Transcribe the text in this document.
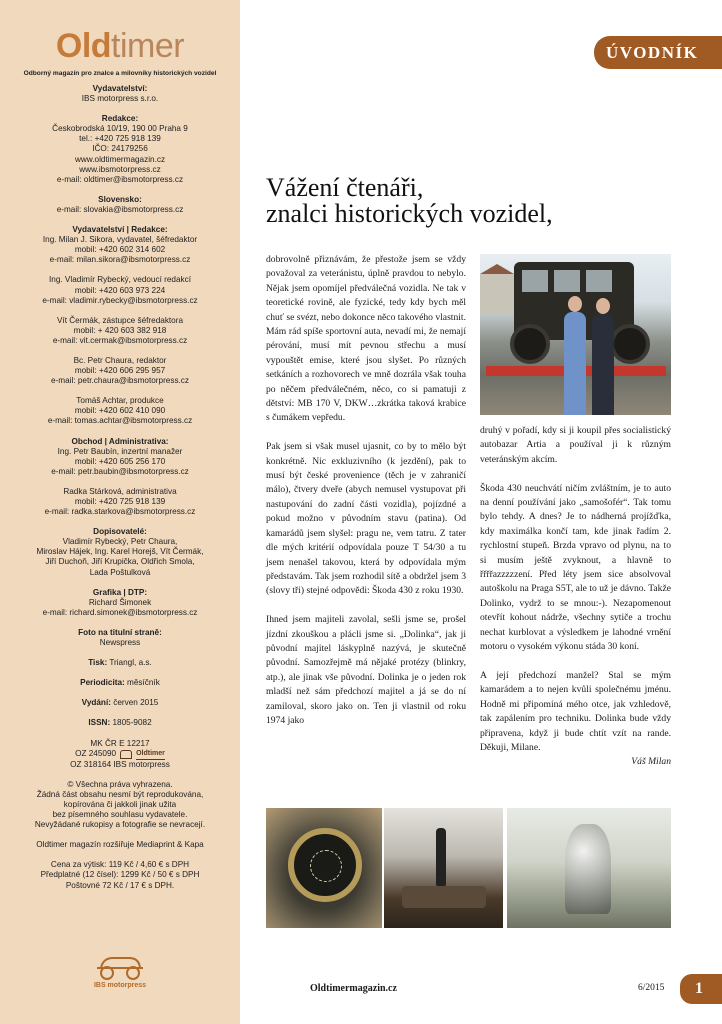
Oldtimer
Odborný magazín pro znalce a milovníky historických vozidel
Vydavatelství:
IBS motorpress s.r.o.
Redakce:
Českobrodská 10/19, 190 00 Praha 9
tel.: +420 725 918 139
IČO: 24179256
www.oldtimermagazin.cz
www.ibsmotorpress.cz
e-mail: oldtimer@ibsmotorpress.cz
Slovensko:
e-mail: slovakia@ibsmotorpress.cz
Vydavatelství | Redakce:
Ing. Milan J. Sikora, vydavatel, šéfredaktor
mobil: +420 602 314 602
e-mail: milan.sikora@ibsmotorpress.cz
Ing. Vladimír Rybecký, vedoucí redakcí
mobil: +420 603 973 224
e-mail: vladimir.rybecky@ibsmotorpress.cz
Vít Čermák, zástupce šéfredaktora
mobil: + 420 603 382 918
e-mail: vit.cermak@ibsmotorpress.cz
Bc. Petr Chaura, redaktor
mobil: +420 606 295 957
e-mail: petr.chaura@ibsmotorpress.cz
Tomáš Achtar, produkce
mobil: +420 602 410 090
e-mail: tomas.achtar@ibsmotorpress.cz
Obchod | Administrativa:
Ing. Petr Baubín, inzertní manažer
mobil: +420 605 256 170
e-mail: petr.baubin@ibsmotorpress.cz
Radka Stárková, administrativa
mobil: +420 725 918 139
e-mail: radka.starkova@ibsmotorpress.cz
Dopisovatelé:
Vladimír Rybecký, Petr Chaura,
Miroslav Hájek, Ing. Karel Horejš, Vít Čermák,
Jiří Duchoň, Jiří Krupička, Oldřich Smola,
Lada Poštulková
Grafika | DTP:
Richard Šimonek
e-mail: richard.simonek@ibsmotorpress.cz
Foto na titulní straně:
Newspress
Tisk: Triangl, a.s.
Periodicita: měsíčník
Vydání: červen 2015
ISSN: 1805-9082
MK ČR E 12217
OZ 245090	Oldtimer
OZ 318164 IBS motorpress
© Všechna práva vyhrazena.
Žádná část obsahu nesmí být reprodukována,
kopírována či jakkoli jinak užita
bez písemného souhlasu vydavatele.
Nevyžádané rukopisy a fotografie se nevracejí.
Oldtimer magazín rozšiřuje Mediaprint & Kapa
Cena za výtisk: 119 Kč / 4,60 € s DPH
Předplatné (12 čísel): 1299 Kč / 50 € s DPH
Poštovné 72 Kč / 17 € s DPH.
IBS motorpress
ÚVODNÍK
Vážení čtenáři,
znalci historických vozidel,

dobrovolně přiznávám, že přestože jsem se vždy považoval za veteránistu, úplně pravdou to nebylo. Nějak jsem opomíjel předválečná vozidla. Ne tak v teoretické rovině, ale fyzické, tedy kdy bych měl chuť se svézt, nebo dokonce něco takového vlastnit. Mám rád spíše sportovní auta, nevadí mi, že nemají pérování, musí mít pevnou střechu a musí vypouštět emise, které jsou slyšet. Po různých setkáních a rozhovorech ve mně dozrála však touha po něčem předválečném, něco, co si pamatuji z dětství: MB 170 V, DKW…zkrátka taková krabice s čumákem vepředu.

Pak jsem si však musel ujasnit, co by to mělo být konkrétně. Nic exkluzivního (k jezdění), pak to musí být české provenience (těch je v zahraničí málo), čtvery dveře (abych nemusel vystupovat při nastupování do zadní části vozidla), pojízdné a pokud možno v původním stavu (patina). Od kamarádů jsem slyšel: pragu ne, vem tatru. Z tater dle mých kritérií odpovídala pouze T 54/30 a tu jsem nenašel takovou, která by odpovídala mým představám. Tak jsem rozhodil sítě a obdržel jsem 3 (slovy tři) stejné odpovědi: Škoda 430 z roku 1930.

Ihned jsem majiteli zavolal, sešli jsme se, prošel jízdní zkouškou a plácli jsme si. „Dolinka“, jak ji původní majitel láskyplně nazývá, je skutečně původní. Samozřejmě má nějaké protézy (blinkry, atp.), ale jinak vše původní. Dolinka je o jeden rok mladší než sám předchozí majitel a já se do ní zamiloval, skoro jako on. Ten ji vlastnil od roku 1974 jako

druhý v pořadí, kdy si ji koupil přes socialistický autobazar Artia a používal ji k různým veteránským akcím.

Škoda 430 neuchvátí ničím zvláštním, je to auto na denní používání jako „samošofér“. Tak tomu bylo tehdy. A dnes? Je to nádherná projížďka, kdy maximálka končí tam, kde jinak řadím 2. rychlostní stupeň. Brzda vpravo od plynu, na to si musím ještě zvyknout, a hlavně to řřřřazzzzzení. Před léty jsem sice absolvoval autoškolu na Praga S5T, ale to už je dávno. Takže Dolinko, vydrž to se mnou:-). Nezapomenout otevřít kohout nádrže, všechny sytiče a trochu nechat kurblovat a výsledkem je lahodné vrnění motoru o vysokém výkonu stáda 30 koní.

A její předchozí manžel? Stal se mým kamarádem a to nejen kvůli společnému jménu. Hodně mi připomíná mého otce, jak vzhledově, tak zapálením pro techniku. Dolinka bude vždy připravena, když ji bude chtít vzít na rande. Děkuji, Milane.

Váš Milan
Oldtimermagazin.cz	6/2015	1
